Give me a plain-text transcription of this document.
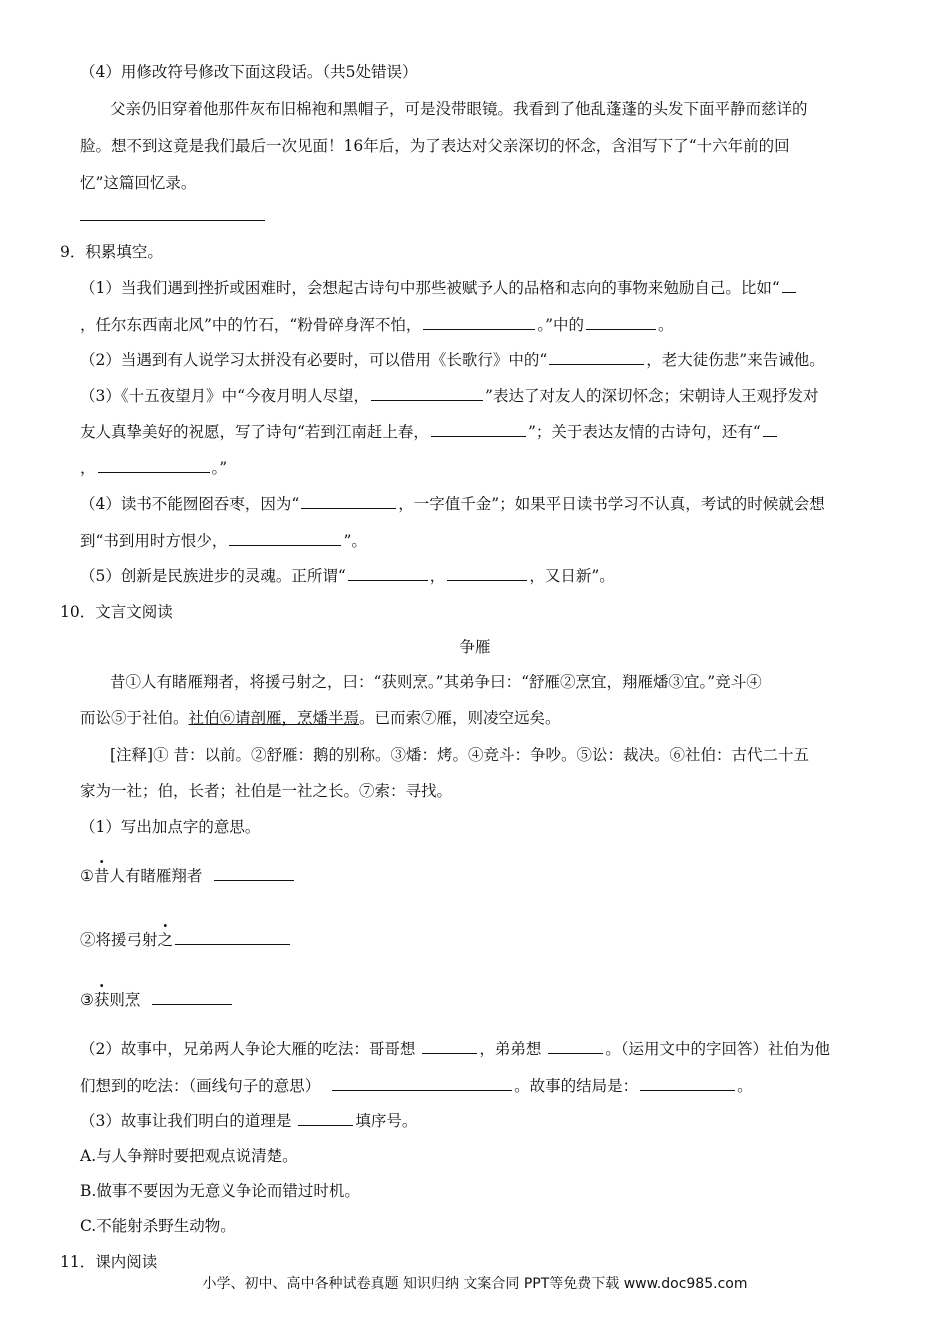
（4）用修改符号修改下面这段话。（共5处错误）
父亲仍旧穿着他那件灰布旧棉袍和黑帽子，可是没带眼镜。我看到了他乱蓬蓬的头发下面平静而慈详的
脸。想不到这竟是我们最后一次见面！16年后，为了表达对父亲深切的怀念，含泪写下了“十六年前的回
忆”这篇回忆录。
9．积累填空。
（1）当我们遇到挫折或困难时，会想起古诗句中那些被赋予人的品格和志向的事物来勉励自己。比如“
，任尔东西南北风”中的竹石，“粉骨碎身浑不怕，	。”中的	。
（2）当遇到有人说学习太拼没有必要时，可以借用《长歌行》中的“	，老大徒伤悲”来告诫他。
（3）《十五夜望月》中“今夜月明人尽望，	”表达了对友人的深切怀念；宋朝诗人王观抒发对
友人真挚美好的祝愿，写了诗句“若到江南赶上春，	”；关于表达友情的古诗句，还有“
，	。”
（4）读书不能囫囵吞枣，因为“	，一字值千金”；如果平日读书学习不认真，考试的时候就会想
到“书到用时方恨少，	”。
（5）创新是民族进步的灵魂。正所谓“	，	，又日新”。
10．文言文阅读
争雁
昔①人有睹雁翔者，将援弓射之，曰：“获则烹。”其弟争曰：“舒雁②烹宜，翔雁燔③宜。”竞斗④
而讼⑤于社伯。社伯⑥请剖雁，烹燔半焉。已而索⑦雁，则凌空远矣。
[注释]① 昔：以前。②舒雁：鹅的别称。③燔：烤。④竞斗：争吵。⑤讼：裁决。⑥社伯：古代二十五
家为一社；伯，长者；社伯是一社之长。⑦索：寻找。
（1）写出加点字的意思。
①昔人有睹雁翔者
②将援弓射之
③获则烹
（2）故事中，兄弟两人争论大雁的吃法：哥哥想	，弟弟想	。（运用文中的字回答）社伯为他
们想到的吃法：（画线句子的意思）	。故事的结局是：	。
（3）故事让我们明白的道理是	填序号。
A.与人争辩时要把观点说清楚。
B.做事不要因为无意义争论而错过时机。
C.不能射杀野生动物。
11．课内阅读
小学、初中、高中各种试卷真题 知识归纳 文案合同 PPT等免费下载 www.doc985.com
